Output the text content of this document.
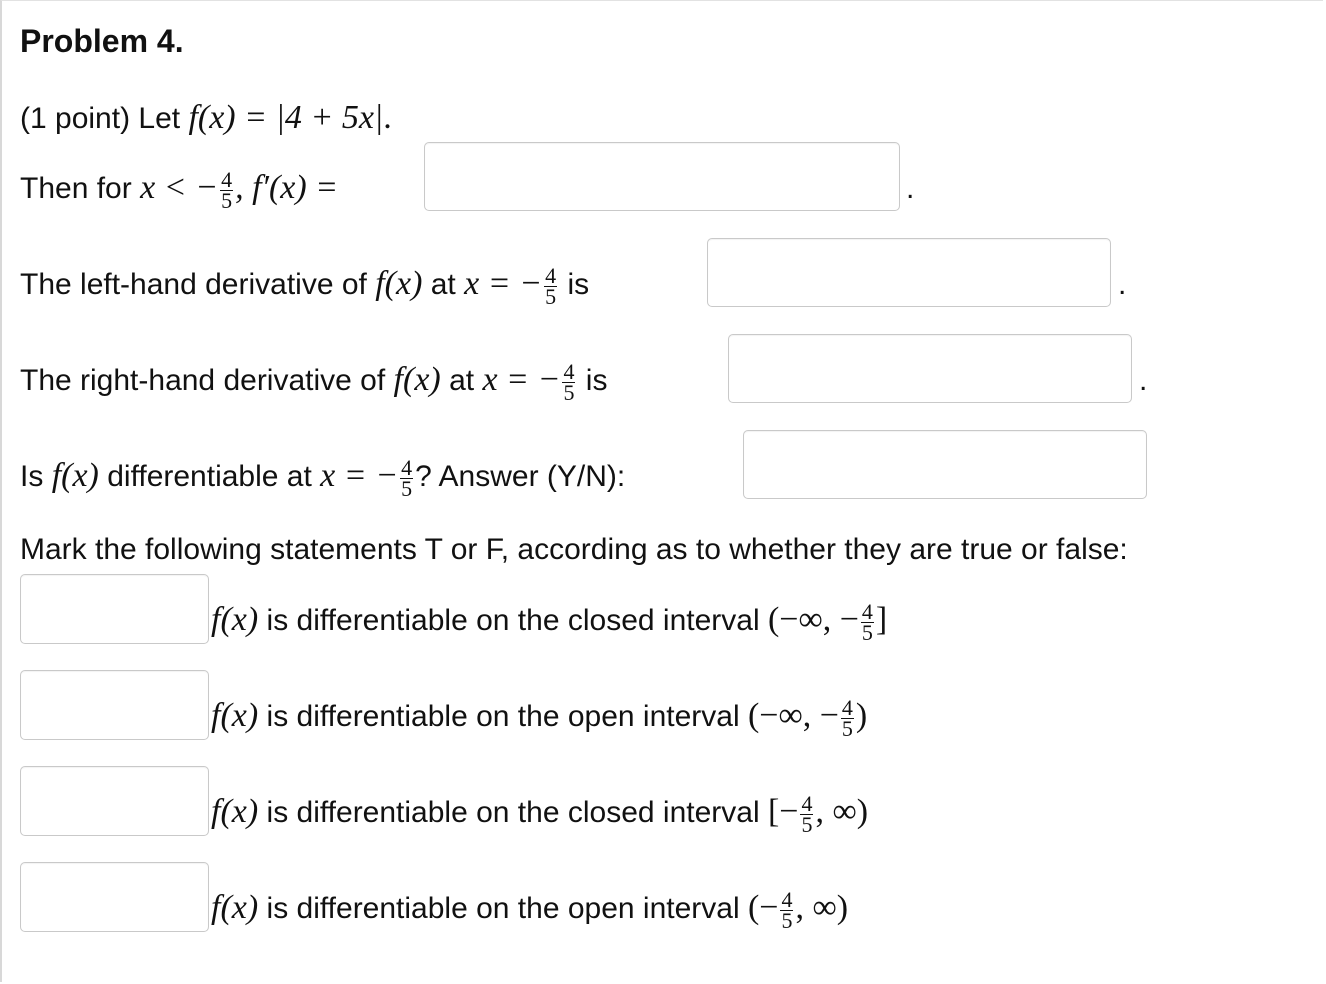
Problem 4.
(1 point) Let f(x) = |4 + 5x|.
Then for x < − $\frac{4}{5}$ , f′(x) =	.
The left-hand derivative of f(x) at x = − $\frac{4}{5}$ is	.
The right-hand derivative of f(x) at x = − $\frac{4}{5}$ is	.
Is f(x) differentiable at x = − $\frac{4}{5}$ ? Answer (Y/N):
Mark the following statements T or F, according as to whether they are true or false:
f(x) is differentiable on the closed interval (−∞, − $\frac{4}{5}$ ]
f(x) is differentiable on the open interval (−∞, − $\frac{4}{5}$ )
f(x) is differentiable on the closed interval [− $\frac{4}{5}$ , ∞)
f(x) is differentiable on the open interval (− $\frac{4}{5}$ , ∞)
